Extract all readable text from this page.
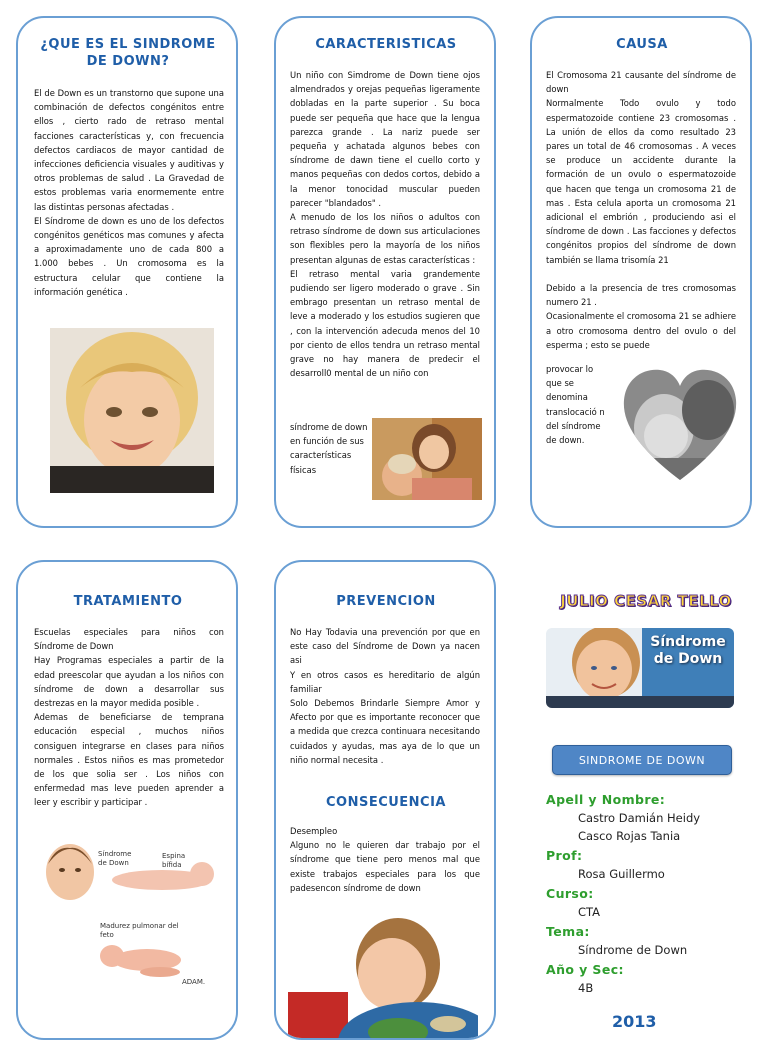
¿QUE ES EL SINDROME DE DOWN?

El de Down es un transtorno que supone una combinación de defectos congénitos entre ellos , cierto rado de retraso mental facciones características y, con frecuencia defectos cardiacos de mayor cantidad de infecciones deficiencia visuales y auditivas y otros problemas de salud . La Gravedad de estos problemas varia enormemente entre las distintas personas afectadas .
El Síndrome de down es uno de los defectos congénitos genéticos mas comunes y afecta a aproximadamente uno de cada 800 a 1.000 bebes . Un cromosoma es la estructura celular que contiene la información genética .

CARACTERISTICAS

Un niño con Simdrome de Down tiene ojos almendrados y orejas pequeñas ligeramente dobladas en la parte superior . Su boca puede ser pequeña que hace que la lengua parezca grande . La nariz puede ser pequeña y achatada algunos bebes con síndrome de dawn tiene el cuello corto y manos pequeñas con dedos cortos, debido a la menor tonocidad muscular pueden parecer "blandados" .
A menudo de los los niños o adultos con retraso síndrome de down sus articulaciones son flexibles pero la mayoría de los niños presentan algunas de estas características :
El retraso mental varia grandemente pudiendo ser ligero moderado o grave . Sin embrago presentan un retraso mental de leve a moderado y los estudios sugieren que , con la intervención adecuda menos del 10 por ciento de ellos tendra un retraso mental grave no hay manera de predecir el desarroll0 mental de un niño con

síndrome de down en función de sus características físicas

CAUSA

El Cromosoma 21 causante del síndrome de down
Normalmente Todo ovulo y todo espermatozoide contiene 23 cromosomas . La unión de ellos da como resultado 23 pares un total de 46 cromosomas . A veces se produce un accidente durante la formación de un ovulo o espermatozoide que hacen que tenga un cromosoma 21 de mas . Esta celula aporta un cromosoma 21 adicional el embrión , produciendo asi el síndrome de down . Las facciones y defectos congénitos propios del síndrome de down también se llama trisomía 21

Debido a la presencia de tres cromosomas numero 21 .
Ocasionalmente el cromosoma 21 se adhiere a otro cromosoma dentro del ovulo o del esperma ; esto se puede

provocar lo que se denomina translocació n del síndrome de down.

TRATAMIENTO

Escuelas especiales para niños con Síndrome de Down
Hay Programas especiales a partir de la edad preescolar que ayudan a los niños con síndrome de down a desarrollar sus destrezas en la mayor medida posible .
Ademas de beneficiarse de temprana educación especial , muchos niños consiguen integrarse en clases para niños normales . Estos niños es mas prometedor de los que solia ser . Los niños con enfermedad mas leve pueden aprender a leer y escribir y participar .

Síndrome de Down
Espina bífida
Madurez pulmonar del feto
ADAM.

PREVENCION

No Hay Todavia una prevención por que en este caso del Síndrome de Down ya nacen asi
Y en otros casos es hereditario de algún familiar
Solo Debemos Brindarle Siempre Amor y Afecto por que es importante reconocer que a medida que crezca continuara necesitando cuidados y ayudas, mas aya de lo que un niño normal necesita .

CONSECUENCIA

Desempleo
Alguno no le quieren dar trabajo por el síndrome que tiene pero menos mal que existe trabajos especiales para los que padesencon síndrome de down

JULIO CESAR TELLO
Síndrome de Down
SINDROME DE DOWN
Apell y Nombre:
Castro Damián Heidy
Casco Rojas Tania
Prof:
Rosa Guillermo
Curso:
CTA
Tema:
Síndrome de Down
Año y Sec:
4B
2013
